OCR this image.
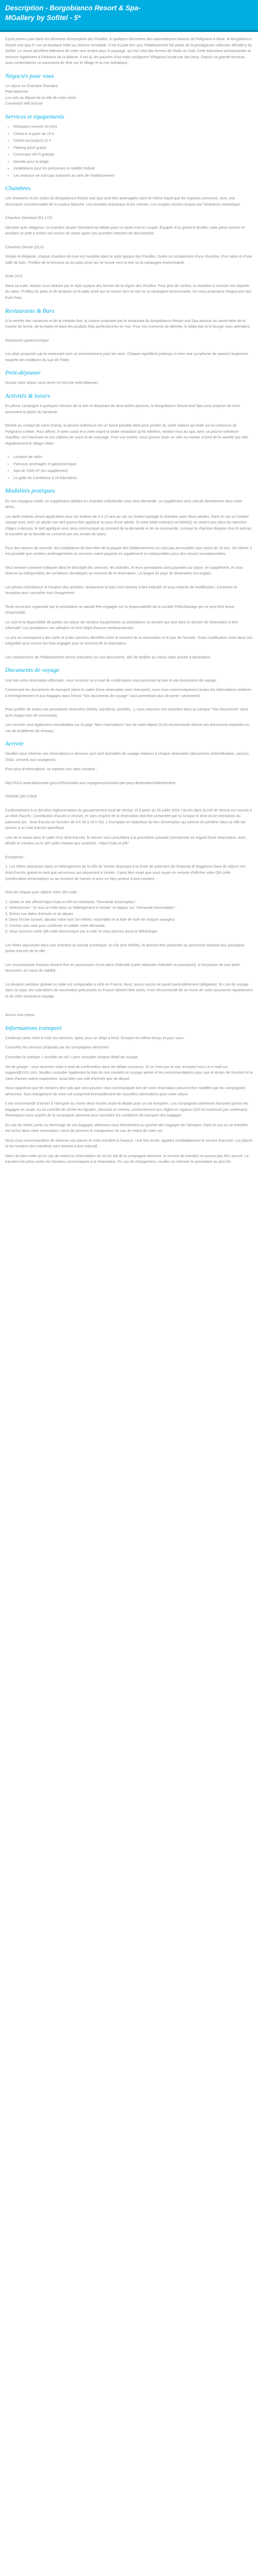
Description - Borgobianco Resort & Spa-
MGallery by Sofitel - 5*

Cycle porteur part dans les éléments d'exemption des Pouilles, à quelques kilomètres des automatiques baisses de Polignano A Mare, le Borgobianco Resort and Spa 5* est un boutique-hôtel au charme inimitable. Il est à juste titre que l'établissement fait partie de la prestigieuse collection MGallery by Sofitel. Le resort bénéficie tellement de votre vive arrière pour le paysage, qui est celui des fermes de l'Italie du Sud. Cette blancheur architecturale se retrouve également à l'intérieur de la bâtisse. Il est là, les pauvres d'oct traits soulignent l'élégance locale par des lieux. Depuis sa grande terrasse, vous contemplerez un panorama de rêve sur le village et la mer Adriatique.

Négociés pour vous

Le séjour en Chambre Standard

Petit-déjeuner

Les vols au départ de la ville de votre choix

Connexion Wifi incluse

Services et équipements
• Réception ouverte 24 h/24
• Check-in à partir de 15 h
• Check-out jusqu'à 12 h
• Parking privé gratuit
• Connexion Wi-Fi gratuite
• Navette pour la plage
• Installations pour les personnes à mobilité réduite
• Les animaux ne sont pas autorisés au sein de l'établissement
Chambres

Les chambres et les suites du Borgobianco Resort and Spa sont très aménagées dans le même esprit que les espaces communs, avec une dominante incontournable de la couleur blanche. Les meubles artisanaux et les crèmes. Les couples seront conquis par l'ambiance romantique.

Chambre Standard (R1-172)

Décorée avec élégance, la chambre double Standard est idéale pour un week-end en couple. Équipée d'un grand lit double, cette pièce comme le pendant un petit à toutes nos envies de repos après vos journées intenses de découvertes.

Chambre Deluxe (DLX)

Simple et élégante, chaque chambre de luxe est meublée dans le style typique des Pouilles. Dotée en complément d'une chambre, d'un salon et d'une salle de bain. Profitez de la terrasse ou du patio privé qui se trouve vers la mer ou la campagne environnante.

Suite (SU)

Dans sa suite, laissez vous séduire par le style typique des fermes de la région des Pouilles. Pour plus de confort, la chambre à coucher est séparée du salon. Profitez du patio et de terrasse ou le patio privé qui se trouve vers la mer ou la campagne environnante. On vous proposera chaque jour des fruits frais.

Restaurants & Bars

À la rentrée des vacances et de la création fixe, la cuisine proposée par le restaurant du Borgobianco Resort and Spa associe au savoir-faire de la cuisine de terroir, de la région et dans les produits frais perfectionnés en mer. Pour vos moments de détente, le lobby-bar et le lounge vous attendent.

Restaurant gastronomique

Les plats proposés par le restaurant sont un enchantement pour les sens. Chaque ingrédient participe à créer une symphonie de saveurs largement inspirée des traditions du sud de l'Italie.

Petit-déjeuner

Durant votre séjour vous serez en formule petit-déjeuner.

Activités & loisirs

En pleine campagne à quelques minutes de la mer et disposant de deux belles piscines, le Borgobianco Resort and Spa vous propose de vivre autrement le plaisir du farniente.

Nichée au contact de votre champ, la piscine extérieure est un havre paisible idéal pour profiter du soleil radieux qui brille sur la commune de Polignano a Mare. Pour affiner, à votre corps et à votre esprit la totale relaxation qu'ils méritent, rendez-vous au spa, avec sa piscine intérieure chauffée, son hammam et ses cabines de soins et de massage. Pour vos sorties, vous pouvez louer un vélo ou monter à bord de la navette qui relie régulièrement le village côtier.

• Location de vélos
• Parcours aménagés et gastronomique
• Spa de 1500 m² (en supplément)
• Le golfe de Conditrese à 10 kilomètres
Modalités pratiques

En son voyageur inédit, un supplément tarifaire en chambre individuelle vous sera demandé. Le supplément sera calculé directement dans votre devis.

Les tarifs enfants seront applicables pour les enfants de 2 à 12 ans au cas où l'enfant partage la chambre avec deux adultes. Dans le cas où l'enfant voyage avec avec un adulte son tarif pourra être appliqué au taux d'une adulte. Si votre bébé enfant(s) ou bébé(s) ne varient pas dans les tranches d'âges ci-dessus, le tarif appliqué vous sera communiqué au moment de la demande et de sa commande. Lorsque la chambre dispose d'un lit spécial, le transfert de la Navette se concerté par vos envies de taxes.

Pour des raisons de sécurité, les installations de bien-être de la plupart des établissements ne sont pas accessibles aux moins de 16 ans. De même, il est possible que certains aménagements ou services soient payants en supplément ou indisponibles pour des raisons exceptionnelles.

Seul mention contraire indiquée dans le descriptif des services, les activités, et leurs prestations sont payantes sur place, en supplément, et sous réserve ou indisponibles de conditions climatiques au moment de la réservation. La langue du pays de destination est anglais.

Les photos d'ambiance et horaires des activités, restaurants et bars sont donnés à titre indicatif, et sous réserve de modification. Contacter la réception pour connaître tout changement.

Toute excursion organisée par le prestataire ne saurait être engagée sur la responsabilité de la société Pelticrllaviage qui ne peut être tenue responsable.

Le coût et la disponibilité de parties du séjour de certains équipements ou prestations ou servies qui sont dans le dossier de réservation à titre informatif. Les prestations non utilisées ne font l'objet d'aucun remboursement.

Le prix ne correspond à des tarifs et à des services identifiés entre le moment de la réservation et le jour de l'arrivée. Toute modification reste dans son intégralité pour couvrir les frais engagés pour le moment de la réservation.

Les coordonnées de l'établissement seront précisées sur vos documents, afin de faciliter au mieux votre arrivée à destination.

Documents de voyage

Une fois votre réservation effectuée, vous recevrez un e-mail de confirmation vous précisant la liste et vos documents de voyage.

Concernant les documents de transport (dans le cadre d'une réservation avec transport), nous vous communiquerons toutes les informations relatives à l'enregistrement et aux bagages dans l'envoi "Vos documents de voyage" vous permettant plus de perte ! seulement).

Pour profiter de toutes vos prestations réservées (hôtels, transferts, activités...), vous recevrez vos vouchers dans la rubrique "Vos documents" ainsi qu'à chaque bon de commande.

Les voucher sont également consultables sur la page "Mes réservations" lors de votre départ (il est recommandé d'avoir ces documents imprimés en cas de problèmes de réseau).

Arrivée

Veuillez nous informer vos informations ci-dessous qu'il sont formalités de voyage relatives à chaque destination (documents d'identification, vaccins, VISA, conseils aux voyageurs).

Pour plus d'informations, se reporter aux sites suivants :

http://XXX.www.diplomatie.gouv.fr/fr/conseils-aux-voyageurs/conseils-par-pays-destination/italie/#entree

VENISE QR CODE

Conformément à la dernière réglementation du gouvernement local de Venise, et à partir du 25 juillet 2024, l'accès dans la cité de Venise est soumis à un droit d'accès. Contribution d'accès à Venise), et sans respect de la réservation doit être présentée par lui lorsque le droit d'une exemption du paiement (ex : droit d'accès en fonction de 8 h 30 à 16 h 00). L'inscription et l'obtention du bon d'exemption qui permet de pénétrer dans la ville est soumis à un outil d'accès spécifique.

Lors de la saisie dans le cadre d'un droit d'accès, le service vous procédera à la procédure suivante (mentionner en regard d'une réservation, avec détails et mention ou le QR code) relative aux vouchers : https://cda.ve.it/fr/

Exceptions :

1. Les hôtes séjournant dans un hébergement de la ville de Venise disposant à la limite de paiement de l'Imposta di Soggiorno (taxe de séjour) ont droit d'accès gratuit en tant que personnes qui séjournent à Venise. Il peut être exigé que vous soyez en mesure d'afficher votre QR code (confirmation d'exemption) ou au moment de l'accès si vous en êtes porteur à tout moment.

Voici les étapes pour obtenir votre QR code :

1. Visitez le site officiel https://cda.ve.it/fr/ et choisissez "Demande d'exemption".

2. Sélectionnez "Je suis un hôte dans un hébergement à Venise" et cliquez sur "Demande d'exemption".

3. Entrez vos dates d'arrivée et de départ.

4. Dans l'écran suivant, ajoutez votre nom (en lettres, ensemble) et la liste de nom de chaque voyageur.

5. Cochez une case pour confirmer et valider votre demande.

6. Vous recevrez votre QR code électronique par e-mail, et vous pourrez aussi le télécharger.

Les hôtes séjournant dans une chambre au format numérique, et s'ils sont vérifiés, ils doivent être présentés au personnel autorisé aux principaux points d'accès de la ville.

Les ressortissants français doivent être en possession d'une pièce d'identité (carte nationale d'identité ou passeport), à l'exclusion de tout autre document, en cours de validité.

La situation sanitaire globale en Italie est comparable à celle en France. Ainsi, aucun vaccin ne paraît particulièrement obligatoire. En cas de voyage dans ce pays, les calendriers de vaccination préconisés en France doivent être suivis. Il est recommandé de se munir de votre assurance rapatriement et de votre assurance voyage.

Aucun visa requis.

Informations transport

Continuez avec votre e-mail vos services, optez pour un siège à bord. Essayer en même temps et pour vous.

Consultez les services proposés par les compagnies aériennes.

Consultez la rubrique « Accéder au vol » pour consulter chaque détail de voyage.

Vol de groupe : vous recevrez votre e-mail de confirmation dans les délais convenus. Si ce n'est pas le cas, envoyez-nous un e-mail sur support@XXX.com. Veuillez consulter également la liste de nos conseils en voyage aérien et les recommandations pour que le temps de transfert et la carte d'accès soient respectées, aussi bien vos vols d'arrivée que de départ.

Nous rappelons que les horaires des vols que vous pouvez nous communiquer lors de votre réservation peuvent être modifiés par les compagnies aériennes. Tout changement de votre vol comprend éventuellement de nouvelles informations pour votre séjour.

Il est recommandé d'arriver à l'aéroport au moins deux heures avant le départ pour un vol européen. Les compagnies aériennes facturent parfois les bagages en soute, ou au contrôle de sûreté les liquides, aérosols et crèmes, conformément aux règles en vigueur (100 ml maximum par contenant). Renseignez-vous auprès de la compagnie aérienne pour connaître les conditions de transport des bagages.

En cas de retard, perte ou dommage de vos bagages, adressez-vous directement au guichet des bagages de l'aéroport. Dans le cas où un transfert est inclus dans votre réservation, merci de prévenir le transporteur en cas de retard de votre vol.

Nous vous recommandons de réserver vos places et votre transfert à l'avance. Une fois arrivé, appelez immédiatement le service d'accueil. Les places et les horaires des transferts sont donnés à titre indicatif.

Merci de bien noter qu'en cas de retard ou d'annulation du vol du fait de la compagnie aérienne, le service de transfert ne pourra pas être assuré. Le transfert est prévu selon les horaires communiqués à la réservation. En cas de changement, veuillez en informer le prestataire au plus tôt.
